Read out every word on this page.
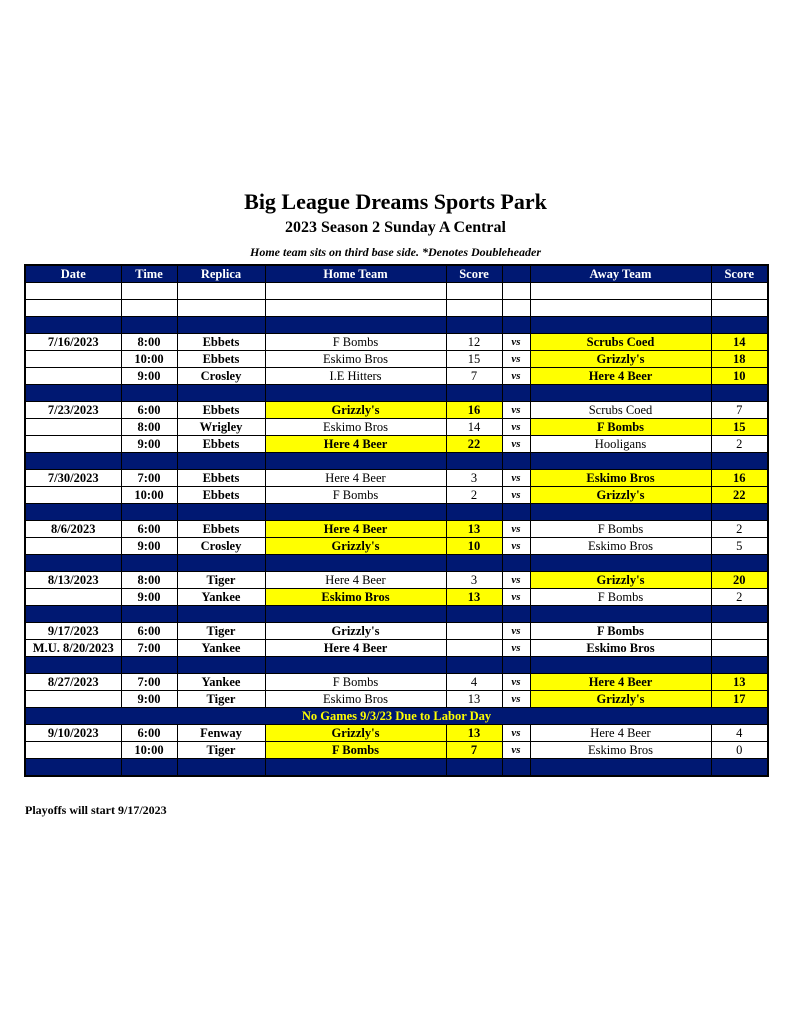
Big League Dreams Sports Park
2023 Season 2 Sunday A Central
Home team sits on third base side. *Denotes Doubleheader
Date	Time	Replica	Home Team	Score		Away Team	Score

7/16/2023	8:00	Ebbets	F Bombs	12	vs	Scrubs Coed	14
	10:00	Ebbets	Eskimo Bros	15	vs	Grizzly's	18
	9:00	Crosley	I.E Hitters	7	vs	Here 4 Beer	10

7/23/2023	6:00	Ebbets	Grizzly's	16	vs	Scrubs Coed	7
	8:00	Wrigley	Eskimo Bros	14	vs	F Bombs	15
	9:00	Ebbets	Here 4 Beer	22	vs	Hooligans	2

7/30/2023	7:00	Ebbets	Here 4 Beer	3	vs	Eskimo Bros	16
	10:00	Ebbets	F Bombs	2	vs	Grizzly's	22

8/6/2023	6:00	Ebbets	Here 4 Beer	13	vs	F Bombs	2
	9:00	Crosley	Grizzly's	10	vs	Eskimo Bros	5

8/13/2023	8:00	Tiger	Here 4 Beer	3	vs	Grizzly's	20
	9:00	Yankee	Eskimo Bros	13	vs	F Bombs	2

9/17/2023	6:00	Tiger	Grizzly's		vs	F Bombs	
M.U. 8/20/2023	7:00	Yankee	Here 4 Beer		vs	Eskimo Bros	

8/27/2023	7:00	Yankee	F Bombs	4	vs	Here 4 Beer	13
	9:00	Tiger	Eskimo Bros	13	vs	Grizzly's	17
No Games 9/3/23 Due to Labor Day							
9/10/2023	6:00	Fenway	Grizzly's	13	vs	Here 4 Beer	4
	10:00	Tiger	F Bombs	7	vs	Eskimo Bros	0

Playoffs will start 9/17/2023
